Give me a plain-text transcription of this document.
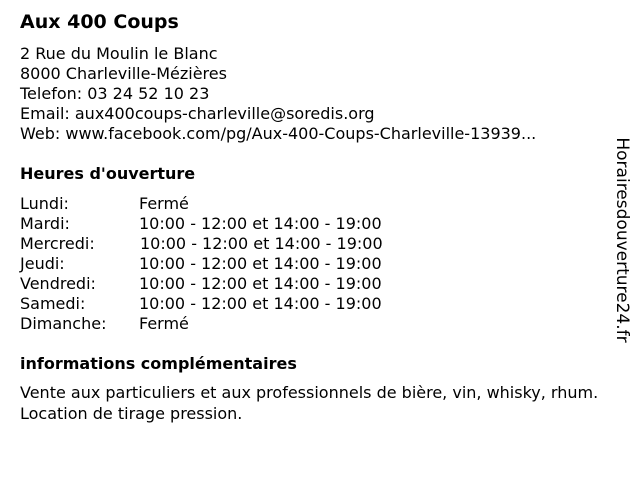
Aux 400 Coups
2 Rue du Moulin le Blanc
8000 Charleville-Mézières
Telefon: 03 24 52 10 23
Email: aux400coups-charleville@soredis.org
Web: www.facebook.com/pg/Aux-400-Coups-Charleville-13939...
Heures d'ouverture
Lundi:	Fermé
Mardi:	10:00 - 12:00 et 14:00 - 19:00
Mercredi:	10:00 - 12:00 et 14:00 - 19:00
Jeudi:	10:00 - 12:00 et 14:00 - 19:00
Vendredi:	10:00 - 12:00 et 14:00 - 19:00
Samedi:	10:00 - 12:00 et 14:00 - 19:00
Dimanche: Fermé
informations complémentaires

Vente aux particuliers et aux professionnels de bière, vin, whisky, rhum. Location de tirage pression.

Horairesdouverture24.fr
